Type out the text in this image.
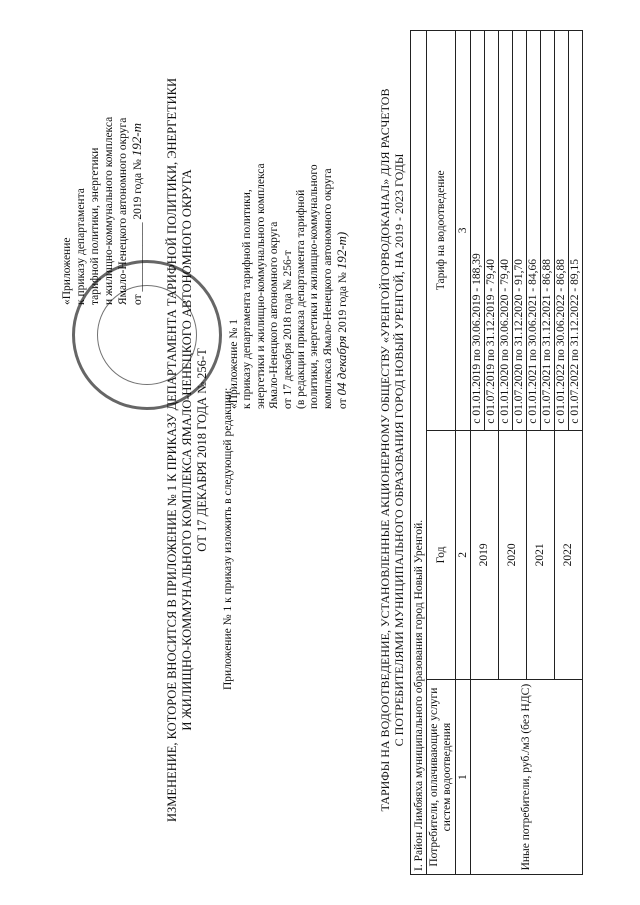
«Приложение к приказу департамента тарифной политики, энергетики и жилищно-коммунального комплекса Ямало-Ненецкого автономного округа от ____________ 2019 года № 192-т ИЗМЕНЕНИЕ, КОТОРОЕ ВНОСИТСЯ В ПРИЛОЖЕНИЕ № 1 К ПРИКАЗУ ДЕПАРТАМЕНТА ТАРИФНОЙ ПОЛИТИКИ, ЭНЕРГЕТИКИ И ЖИЛИЩНО-КОММУНАЛЬНОГО КОМПЛЕКСА ЯМАЛО-НЕНЕЦКОГО АВТОНОМНОГО ОКРУГА ОТ 17 ДЕКАБРЯ 2018 ГОДА № 256-Т Приложение № 1 к приказу изложить в следующей редакции:
«Приложение № 1 к приказу департамента тарифной политики, энергетики и жилищно-коммунального комплекса Ямало-Ненецкого автономного округа от 17 декабря 2018 года № 256-т (в редакции приказа департамента тарифной политики, энергетики и жилищно-коммунального комплекса Ямало-Ненецкого автономного округа от 04 декабря 2019 года № 192-т) ТАРИФЫ НА ВОДООТВЕДЕНИЕ, УСТАНОВЛЕННЫЕ АКЦИОНЕРНОМУ ОБЩЕСТВУ «УРЕНГОЙГОРВОДОКАНАЛ» ДЛЯ РАСЧЕТОВ С ПОТРЕБИТЕЛЯМИ МУНИЦИПАЛЬНОГО ОБРАЗОВАНИЯ ГОРОД НОВЫЙ УРЕНГОЙ, НА 2019 - 2023 ГОДЫ I. Район Лимбяяха муниципального образования город Новый Уренгой.		
Потребители, оплачивающие услуги систем водоотведения	Год	Тариф на водоотведение
1	2	3
Иные потребители, руб./м3 (без НДС)	2019	с 01.01.2019 по 30.06.2019 - 188,39
		с 01.07.2019 по 31.12.2019 - 79,40
	2020	с 01.01.2020 по 30.06.2020 - 79,40
		с 01.07.2020 по 31.12.2020 - 91,70
	2021	с 01.01.2021 по 30.06.2021 - 84,66
		с 01.07.2021 по 31.12.2021 - 86,88
	2022	с 01.01.2022 по 30.06.2022 - 86,88
		с 01.07.2022 по 31.12.2022 - 89,15
